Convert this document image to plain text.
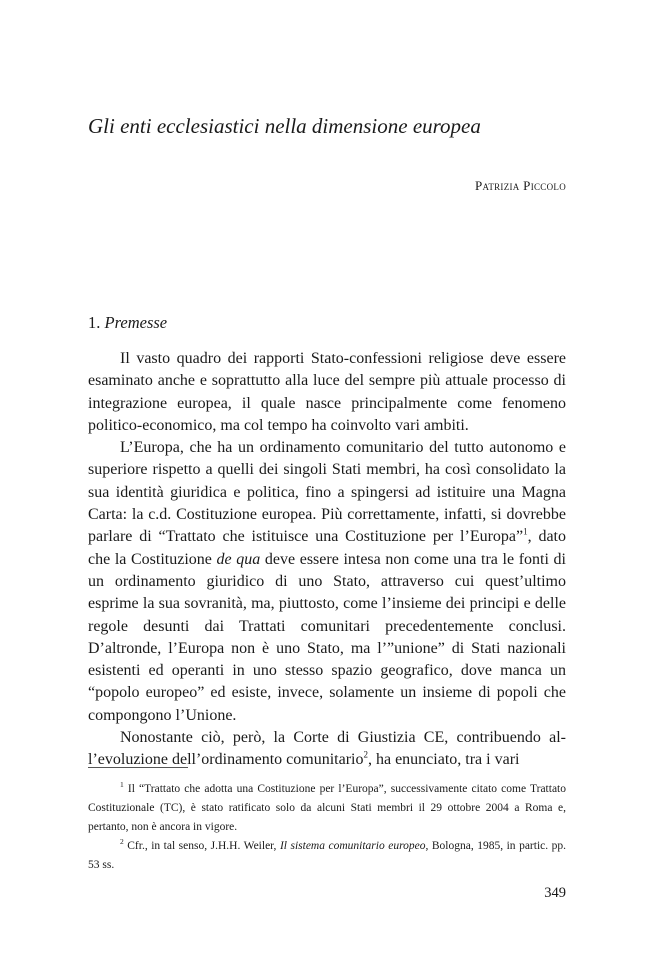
Gli enti ecclesiastici nella dimensione europea
Patrizia Piccolo
1. Premesse

Il vasto quadro dei rapporti Stato-confessioni religiose deve essere esaminato anche e soprattutto alla luce del sempre più attuale processo di integrazione europea, il quale nasce principalmente come fenomeno politico-economico, ma col tempo ha coinvolto vari ambiti.

L’Europa, che ha un ordinamento comunitario del tutto autonomo e superiore rispetto a quelli dei singoli Stati membri, ha così consolidato la sua identità giuridica e politica, fino a spingersi ad istituire una Magna Carta: la c.d. Costituzione europea. Più correttamente, infatti, si dovrebbe parlare di “Trattato che istituisce una Costituzione per l’Europa”$^1$, dato che la Costituzione de qua deve essere intesa non come una tra le fonti di un ordinamento giuridico di uno Stato, attraverso cui quest’ultimo esprime la sua sovranità, ma, piuttosto, come l’insieme dei principi e delle regole desunti dai Trattati comunitari precedentemente conclusi. D’altronde, l’Europa non è uno Stato, ma l’”unione” di Stati nazionali esistenti ed operanti in uno stesso spazio geografico, dove manca un “popolo europeo” ed esiste, invece, solamente un insieme di popoli che compongono l’Unione.

Nonostante ciò, però, la Corte di Giustizia CE, contribuendo all’evoluzione dell’ordinamento comunitario$^2$, ha enunciato, tra i vari

$^1$ Il “Trattato che adotta una Costituzione per l’Europa”, successivamente citato come Trattato Costituzionale (TC), è stato ratificato solo da alcuni Stati membri il 29 ottobre 2004 a Roma e, pertanto, non è ancora in vigore.

$^2$ Cfr., in tal senso, J.H.H. Weiler, Il sistema comunitario europeo, Bologna, 1985, in partic. pp. 53 ss.

349
